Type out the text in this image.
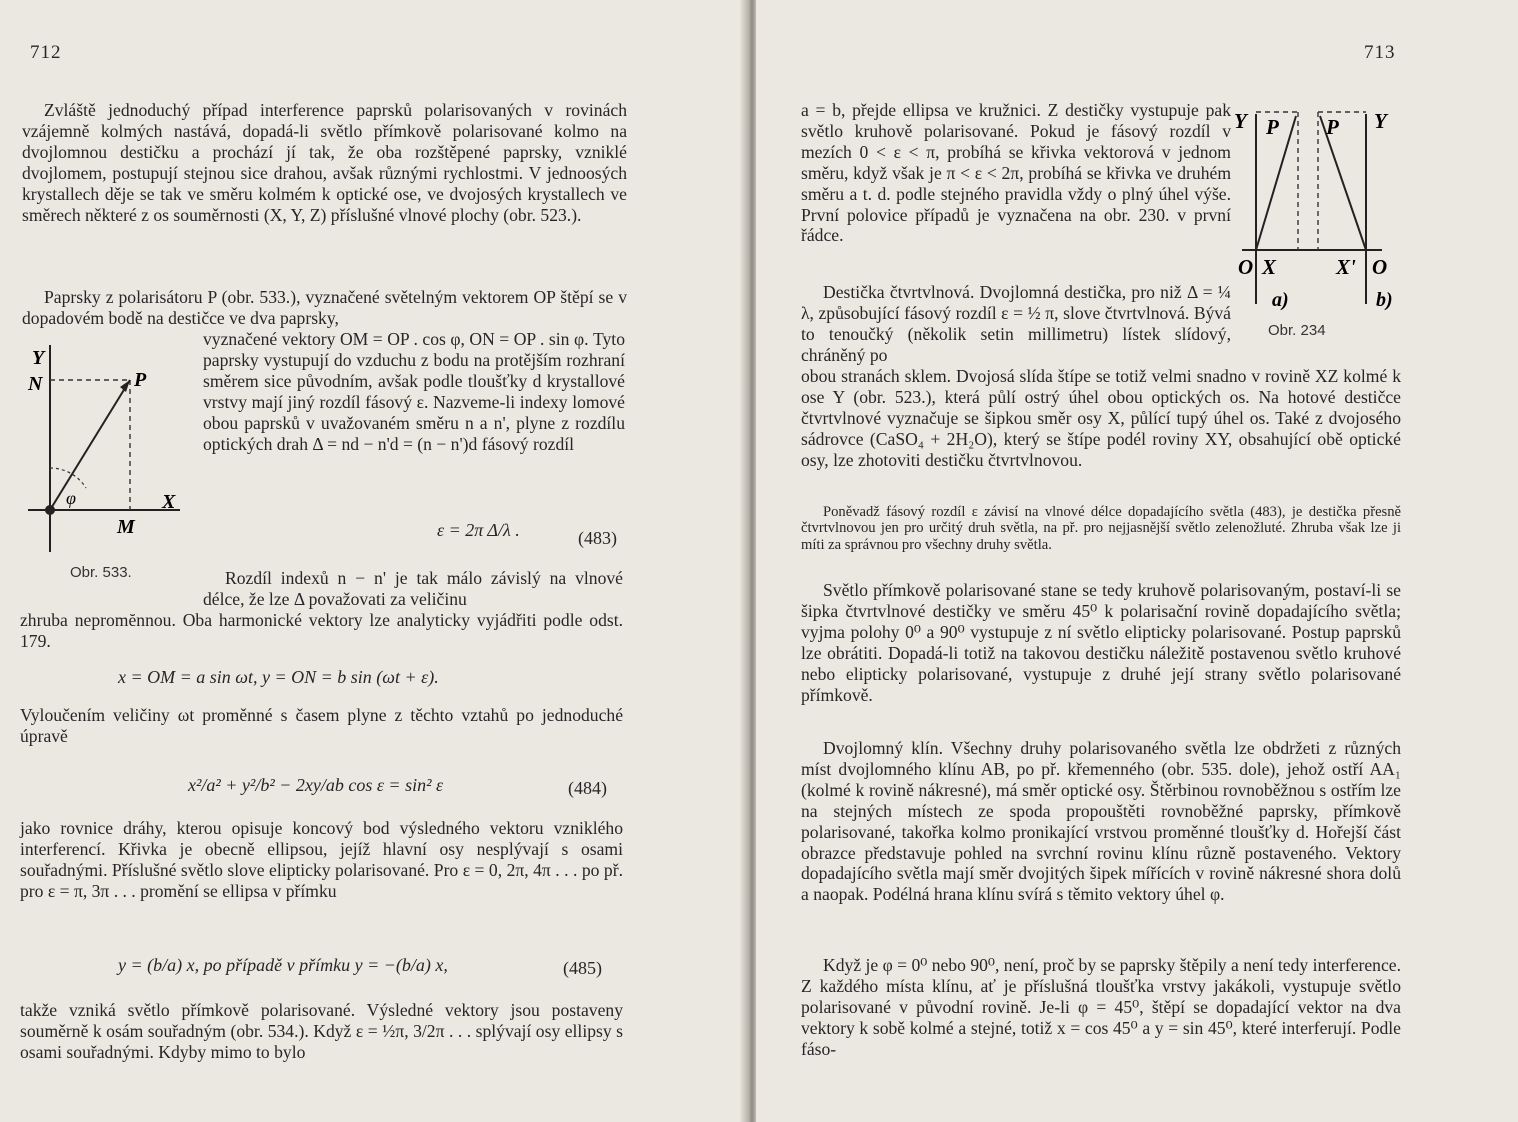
712

Zvláště jednoduchý případ interference paprsků polarisovaných v rovinách vzájemně kolmých nastává, dopadá-li světlo přímkově polarisované kolmo na dvojlomnou destičku a prochází jí tak, že oba rozštěpené paprsky, vzniklé dvojlomem, postupují stejnou sice drahou, avšak různými rychlostmi. V jednoosých krystallech děje se tak ve směru kolmém k optické ose, ve dvojosých krystallech ve směrech některé z os souměrnosti (X, Y, Z) příslušné vlnové plochy (obr. 523.).

Paprsky z polarisátoru P (obr. 533.), vyznačené světelným vektorem OP štěpí se v dopadovém bodě na destičce ve dva paprsky,

Y
N	P
φ	X
M
Obr. 533.

vyznačené vektory OM = OP . cos φ, ON = OP . sin φ. Tyto paprsky vystupují do vzduchu z bodu na protějším rozhraní směrem sice původním, avšak podle tloušťky d krystallové vrstvy mají jiný rozdíl fásový ε. Nazveme-li indexy lomové obou paprsků v uvažovaném směru n a n', plyne z rozdílu optických drah Δ = nd − n'd = (n − n')d fásový rozdíl

ε = 2π Δ/λ .	(483)

Rozdíl indexů n − n' je tak málo závislý na vlnové délce, že lze Δ považovati za veličinu

zhruba nepromĕnnou. Oba harmonické vektory lze analyticky vyjádřiti podle odst. 179.

x = OM = a sin ωt, y = ON = b sin (ωt + ε).

Vyloučením veličiny ωt proměnné s časem plyne z těchto vztahů po jednoduché úpravě

x²/a² + y²/b² − 2xy/ab cos ε = sin² ε	(484)

jako rovnice dráhy, kterou opisuje koncový bod výsledného vektoru vzniklého interferencí. Křivka je obecně ellipsou, jejíž hlavní osy nesplývají s osami souřadnými. Příslušné světlo slove elipticky polarisované. Pro ε = 0, 2π, 4π . . . po př. pro ε = π, 3π . . . promění se ellipsa v přímku

y = (b/a) x, po případě v přímku y = −(b/a) x,	(485)

takže vzniká světlo přímkově polarisované. Výsledné vektory jsou postaveny souměrně k osám souřadným (obr. 534.). Když ε = ½π, 3/2π . . . splývají osy ellipsy s osami souřadnými. Kdyby mimo to bylo

713

a = b, přejde ellipsa ve kružnici. Z destičky vystupuje pak světlo kruhově polarisované. Pokud je fásový rozdíl v mezích 0 < ε < π, probíhá se křivka vektorová v jednom směru, když však je π < ε < 2π, probíhá se křivka ve druhém směru a t. d. podle stejného pravidla vždy o plný úhel výše. První polovice případů je vyznačena na obr. 230. v první řádce.

Y P P Y
O X	X' O
a)	b)
Obr. 234

Destička čtvrtvlnová. Dvojlomná destička, pro niž Δ = ¼ λ, způsobující fásový rozdíl ε = ½ π, slove čtvrtvlnová. Bývá to tenoučký (několik setin millimetru) lístek slídový, chráněný po

obou stranách sklem. Dvojosá slída štípe se totiž velmi snadno v rovině XZ kolmé k ose Y (obr. 523.), která půlí ostrý úhel obou optických os. Na hotové destičce čtvrtvlnové vyznačuje se šipkou směr osy X, půlící tupý úhel os. Také z dvojosého sádrovce (CaSO₄ + 2H₂O), který se štípe podél roviny XY, obsahující obě optické osy, lze zhotoviti destičku čtvrtvlnovou.

Poněvadž fásový rozdíl ε závisí na vlnové délce dopadajícího světla (483), je destička přesně čtvrtvlnovou jen pro určitý druh světla, na př. pro nejjasnější světlo zelenožluté. Zhruba však lze ji míti za správnou pro všechny druhy světla.

Světlo přímkově polarisované stane se tedy kruhově polarisovaným, postaví-li se šipka čtvrtvlnové destičky ve směru 45⁰ k polarisační rovině dopadajícího světla; vyjma polohy 0⁰ a 90⁰ vystupuje z ní světlo elipticky polarisované. Postup paprsků lze obrátiti. Dopadá-li totiž na takovou destičku náležitě postavenou světlo kruhové nebo elipticky polarisované, vystupuje z druhé její strany světlo polarisované přímkově.

Dvojlomný klín. Všechny druhy polarisovaného světla lze obdržeti z různých míst dvojlomného klínu AB, po př. křemenného (obr. 535. dole), jehož ostří AA₁ (kolmé k rovině nákresné), má směr optické osy. Štěrbinou rovnoběžnou s ostřím lze na stejných místech ze spoda propouštěti rovnoběžné paprsky, přímkově polarisované, takořka kolmo pronikající vrstvou proměnné tloušťky d. Hořejší část obrazce představuje pohled na svrchní rovinu klínu různě postaveného. Vektory dopadajícího světla mají směr dvojitých šipek mířících v rovině nákresné shora dolů a naopak. Podélná hrana klínu svírá s těmito vektory úhel φ.

Když je φ = 0⁰ nebo 90⁰, není, proč by se paprsky štěpily a není tedy interference. Z každého místa klínu, ať je příslušná tloušťka vrstvy jakákoli, vystupuje světlo polarisované v původní rovině. Je-li φ = 45⁰, štěpí se dopadající vektor na dva vektory k sobě kolmé a stejné, totiž x = cos 45⁰ a y = sin 45⁰, které interferují. Podle fáso-
